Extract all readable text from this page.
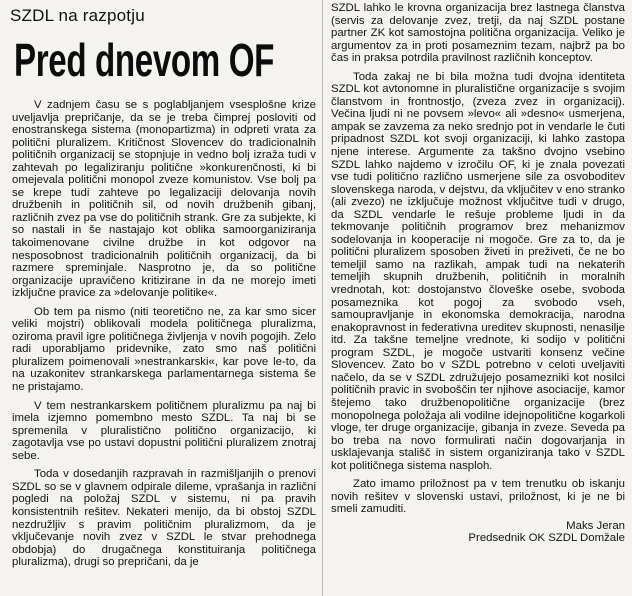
SZDL na razpotju
Pred dnevom OF

V zadnjem času se s poglabljanjem vsesplošne krize uveljavlja prepričanje, da se je treba čimprej posloviti od enostranskega sistema (monopartizma) in odpreti vrata za politični pluralizem. Kritičnost Slovencev do tradicionalnih političnih organizacij se stopnjuje in vedno bolj izraža tudi v zahtevah po legaliziranju politične »konkurenčnosti, ki bi omejevala politični monopol zveze komunistov. Vse bolj pa se krepe tudi zahteve po legalizaciji delovanja novih družbenih in političnih sil, od novih družbenih gibanj, različnih zvez pa vse do političnih strank. Gre za subjekte, ki so nastali in še nastajajo kot oblika samoorganiziranja takoimenovane civilne družbe in kot odgovor na nesposobnost tradicionalnih političnih organizacij, da bi razmere spreminjale. Nasprotno je, da so politične organizacije upravičeno kritizirane in da ne morejo imeti izključne pravice za »delovanje politike«.

Ob tem pa nismo (niti teoretično ne, za kar smo sicer veliki mojstri) oblikovali modela političnega pluralizma, oziroma pravil igre političnega življenja v novih pogojih. Zelo radi uporabljamo pridevnike, zato smo naš politični pluralizem poimenovali »nestrankarski«, kar pove le-to, da na uzakonitev strankarskega parlamentarnega sistema še ne pristajamo.

V tem nestrankarskem političnem pluralizmu pa naj bi imela izjemno pomembno mesto SZDL. Ta naj bi se spremenila v pluralistično politično organizacijo, ki zagotavlja vse po ustavi dopustni politični pluralizem znotraj sebe.

Toda v dosedanjih razpravah in razmišljanjih o prenovi SZDL so se v glavnem odpirale dileme, vprašanja in različni pogledi na položaj SZDL v sistemu, ni pa pravih konsistentnih rešitev. Nekateri menijo, da bi obstoj SZDL nezdružljiv s pravim političnim pluralizmom, da je vključevanje novih zvez v SZDL le stvar prehodnega obdobja) do drugačnega konstituiranja političnega pluralizma), drugi so prepričani, da je

SZDL lahko le krovna organizacija brez lastnega članstva (servis za delovanje zvez, tretji, da naj SZDL postane partner ZK kot samostojna politična organizacija. Veliko je argumentov za in proti posameznim tezam, najbrž pa bo čas in praksa potrdila pravilnost različnih konceptov.

Toda zakaj ne bi bila možna tudi dvojna identiteta SZDL kot avtonomne in pluralistične organizacije s svojim članstvom in frontnostjo, (zveza zvez in organizacij). Večina ljudi ni ne povsem »levo« ali »desno« usmerjena, ampak se zavzema za neko srednjo pot in vendarle le čuti pripadnost SZDL kot svoji organizaciji, ki lahko zastopa njene interese. Argumente za takšno dvojno vsebino SZDL lahko najdemo v izročilu OF, ki je znala povezati vse tudi politično različno usmerjene sile za osvoboditev slovenskega naroda, v dejstvu, da vključitev v eno stranko (ali zvezo) ne izključuje možnost vključitve tudi v drugo, da SZDL vendarle le rešuje probleme ljudi in da tekmovanje političnih programov brez mehanizmov sodelovanja in kooperacije ni mogoče. Gre za to, da je politični pluralizem sposoben živeti in preživeti, če ne bo temeljil samo na razlikah, ampak tudi na nekaterih temeljih skupnih družbenih, političnih in moralnih vrednotah, kot: dostojanstvo človeške osebe, svoboda posameznika kot pogoj za svobodo vseh, samoupravljanje in ekonomska demokracija, narodna enakopravnost in federativna ureditev skupnosti, nenasilje itd. Za takšne temeljne vrednote, ki sodijo v politični program SZDL, je mogoče ustvariti konsenz večine Slovencev. Zato bo v SZDL potrebno v celoti uveljaviti načelo, da se v SZDL združujejo posamezniki kot nosilci političnih pravic in svoboščin ter njihove asociacije, kamor štejemo tako družbenopolitične organizacije (brez monopolnega položaja ali vodilne idejnopolitične kogarkoli vloge, ter druge organizacije, gibanja in zveze. Seveda pa bo treba na novo formulirati način dogovarjanja in usklajevanja stališč in sistem organiziranja tako v SZDL kot političnega sistema nasploh.

Zato imamo priložnost pa v tem trenutku ob iskanju novih rešitev v slovenski ustavi, priložnost, ki je ne bi smeli zamuditi.

Maks Jeran
Predsednik OK SZDL Domžale
